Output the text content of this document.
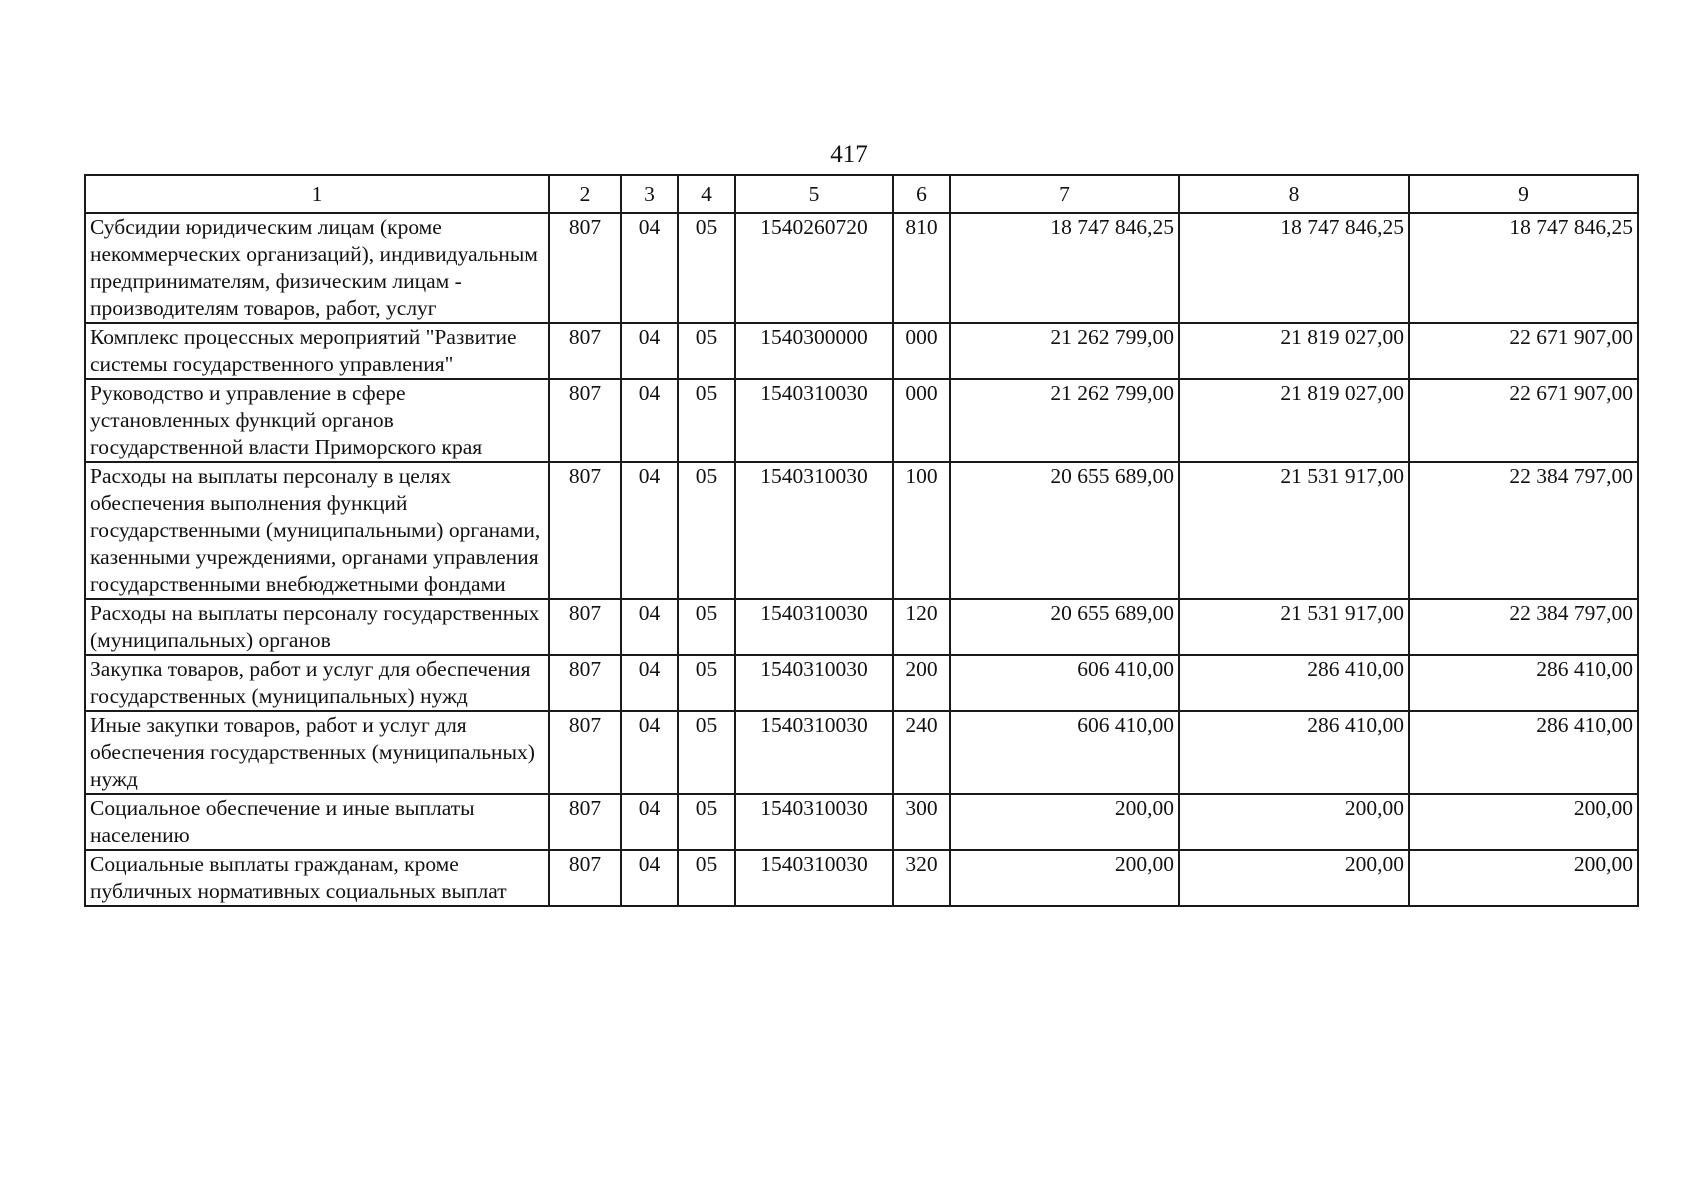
417
1	2	3	4	5	6	7	8	9
Субсидии юридическим лицам (кроме некоммерческих организаций), индивидуальным предпринимателям, физическим лицам - производителям товаров, работ, услуг	807	04	05	1540260720	810	18 747 846,25	18 747 846,25	18 747 846,25
Комплекс процессных мероприятий "Развитие системы государственного управления"	807	04	05	1540300000	000	21 262 799,00	21 819 027,00	22 671 907,00
Руководство и управление в сфере установленных функций органов государственной власти Приморского края	807	04	05	1540310030	000	21 262 799,00	21 819 027,00	22 671 907,00
Расходы на выплаты персоналу в целях обеспечения выполнения функций государственными (муниципальными) органами, казенными учреждениями, органами управления государственными внебюджетными фондами	807	04	05	1540310030	100	20 655 689,00	21 531 917,00	22 384 797,00
Расходы на выплаты персоналу государственных (муниципальных) органов	807	04	05	1540310030	120	20 655 689,00	21 531 917,00	22 384 797,00
Закупка товаров, работ и услуг для обеспечения государственных (муниципальных) нужд	807	04	05	1540310030	200	606 410,00	286 410,00	286 410,00
Иные закупки товаров, работ и услуг для обеспечения государственных (муниципальных) нужд	807	04	05	1540310030	240	606 410,00	286 410,00	286 410,00
Социальное обеспечение и иные выплаты населению	807	04	05	1540310030	300	200,00	200,00	200,00
Социальные выплаты гражданам, кроме публичных нормативных социальных выплат	807	04	05	1540310030	320	200,00	200,00	200,00
